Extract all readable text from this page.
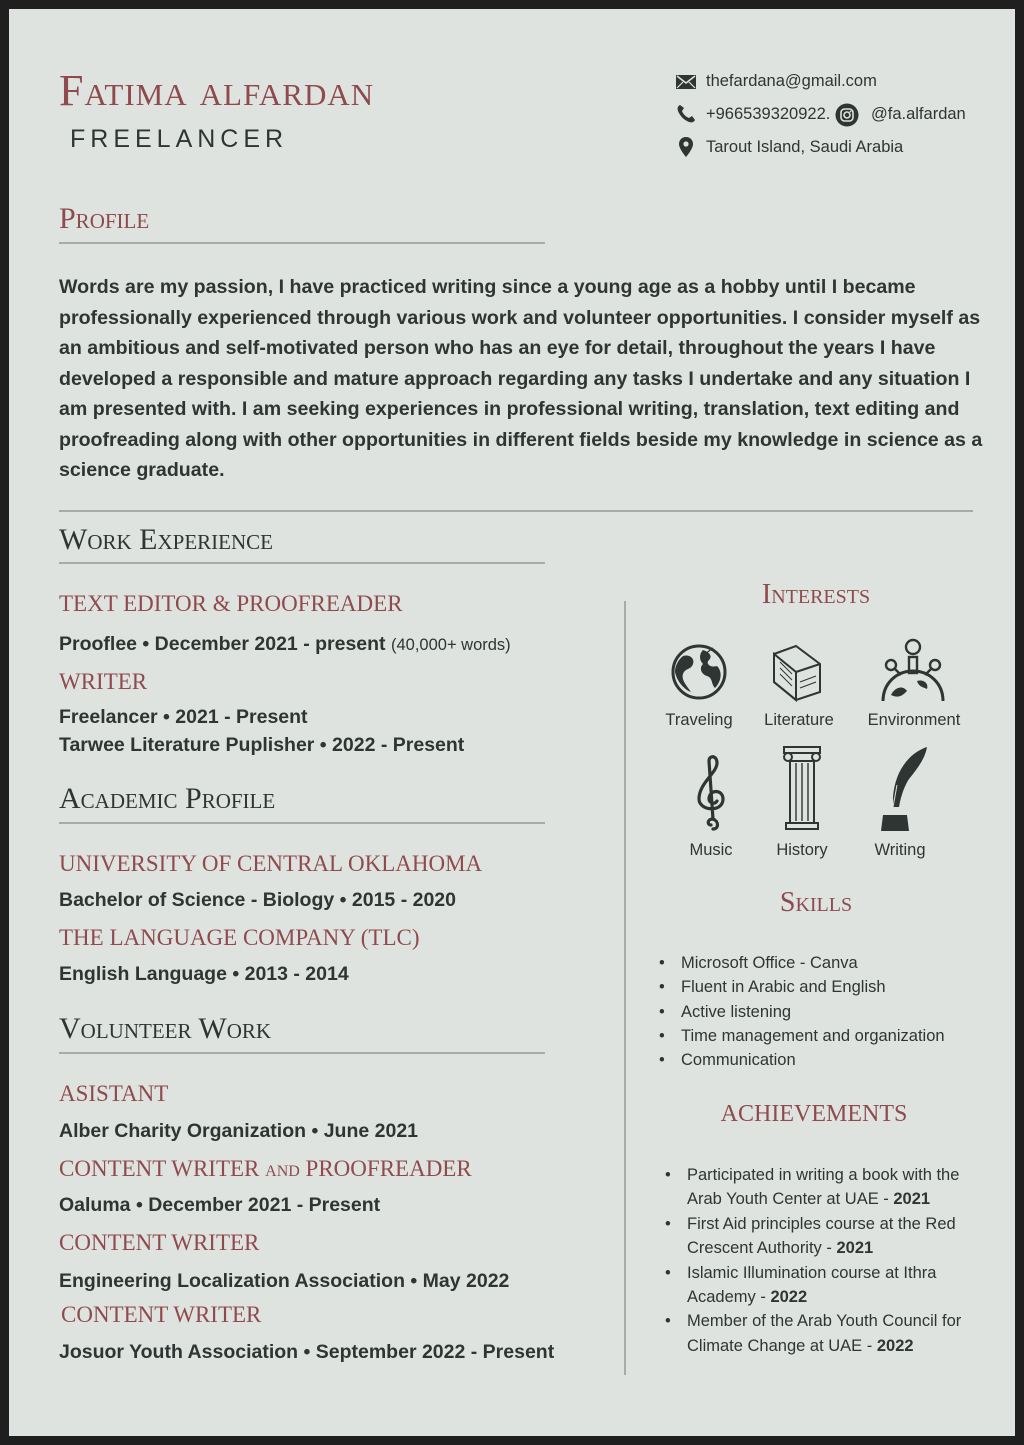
Fatima alfardan
FREELANCER
thefardana@gmail.com
+966539320922. @fa.alfardan
Tarout Island, Saudi Arabia
Profile
Words are my passion, I have practiced writing since a young age as a hobby until I became professionally experienced through various work and volunteer opportunities. I consider myself as an ambitious and self-motivated person who has an eye for detail, throughout the years I have developed a responsible and mature approach regarding any tasks I undertake and any situation I am presented with. I am seeking experiences in professional writing, translation, text editing and proofreading along with other opportunities in different fields beside my knowledge in science as a science graduate.
Work Experience
TEXT EDITOR & PROOFREADER
Prooflee • December 2021 - present (40,000+ words)
WRITER
Freelancer • 2021 - Present
Tarwee Literature Puplisher • 2022 - Present
Academic Profile
UNIVERSITY OF CENTRAL OKLAHOMA
Bachelor of Science - Biology • 2015 - 2020
THE LANGUAGE COMPANY (TLC)
English Language • 2013 - 2014
Volunteer Work
ASISTANT
Alber Charity Organization • June 2021
CONTENT WRITER and PROOFREADER
Oaluma • December 2021 - Present
CONTENT WRITER
Engineering Localization Association • May 2022
CONTENT WRITER
Josuor Youth Association • September 2022 - Present
Interests
Traveling	Literature	Environment
Music	History	Writing
Skills
• Microsoft Office - Canva
• Fluent in Arabic and English
• Active listening
• Time management and organization
• Communication
ACHIEVEMENTS
• Participated in writing a book with the Arab Youth Center at UAE - 2021
• First Aid principles course at the Red Crescent Authority - 2021
• Islamic Illumination course at Ithra Academy - 2022
• Member of the Arab Youth Council for Climate Change at UAE - 2022
